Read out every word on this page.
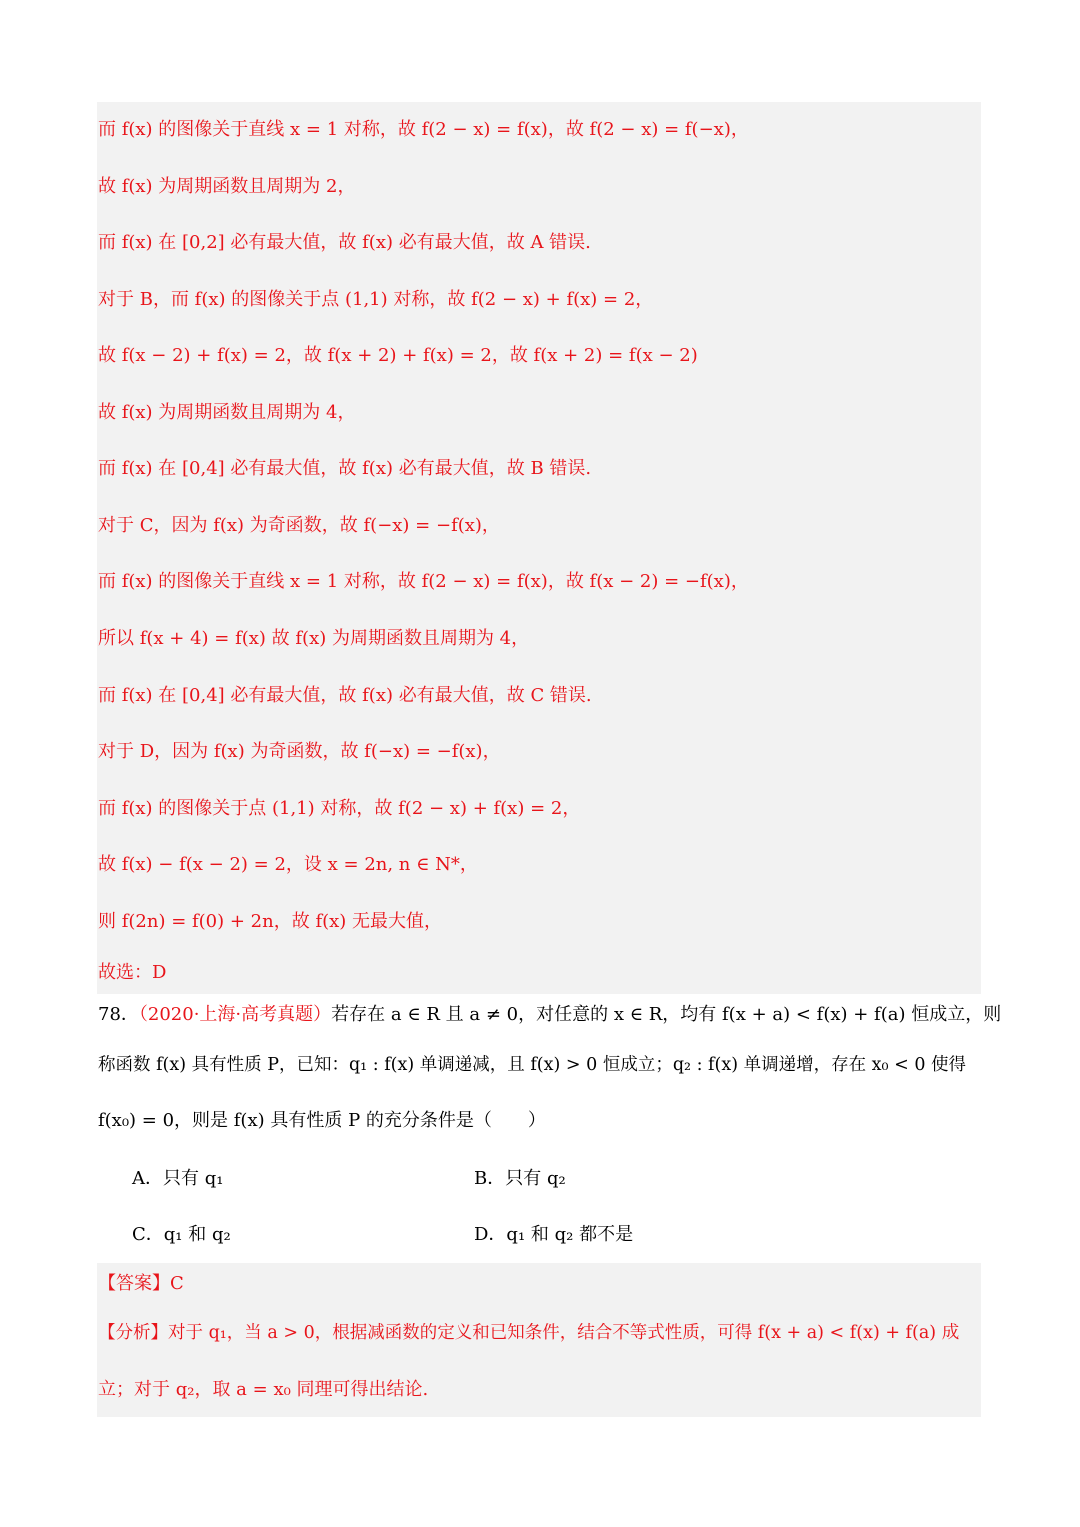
而 f(x) 的图像关于直线 x = 1 对称，故 f(2 − x) = f(x)，故 f(2 − x) = f(−x)，
故 f(x) 为周期函数且周期为 2，
而 f(x) 在 [0,2] 必有最大值，故 f(x) 必有最大值，故 A 错误.
对于 B，而 f(x) 的图像关于点 (1,1) 对称，故 f(2 − x) + f(x) = 2，
故 f(x − 2) + f(x) = 2，故 f(x + 2) + f(x) = 2，故 f(x + 2) = f(x − 2)
故 f(x) 为周期函数且周期为 4，
而 f(x) 在 [0,4] 必有最大值，故 f(x) 必有最大值，故 B 错误.
对于 C，因为 f(x) 为奇函数，故 f(−x) = −f(x)，
而 f(x) 的图像关于直线 x = 1 对称，故 f(2 − x) = f(x)，故 f(x − 2) = −f(x)，
所以 f(x + 4) = f(x) 故 f(x) 为周期函数且周期为 4，
而 f(x) 在 [0,4] 必有最大值，故 f(x) 必有最大值，故 C 错误.
对于 D，因为 f(x) 为奇函数，故 f(−x) = −f(x)，
而 f(x) 的图像关于点 (1,1) 对称，故 f(2 − x) + f(x) = 2，
故 f(x) − f(x − 2) = 2，设 x = 2n, n ∈ N*，
则 f(2n) = f(0) + 2n，故 f(x) 无最大值，
故选：D
78．（2020·上海·高考真题）若存在 a ∈ R 且 a ≠ 0，对任意的 x ∈ R，均有 f(x + a) < f(x) + f(a) 恒成立，则
称函数 f(x) 具有性质 P，已知：q₁ : f(x) 单调递减，且 f(x) > 0 恒成立；q₂ : f(x) 单调递增，存在 x₀ < 0 使得
f(x₀) = 0，则是 f(x) 具有性质 P 的充分条件是（　　）
A．只有 q₁	B．只有 q₂
C．q₁ 和 q₂	D．q₁ 和 q₂ 都不是
【答案】C
【分析】对于 q₁，当 a > 0，根据减函数的定义和已知条件，结合不等式性质，可得 f(x + a) < f(x) + f(a) 成
立；对于 q₂，取 a = x₀ 同理可得出结论.
